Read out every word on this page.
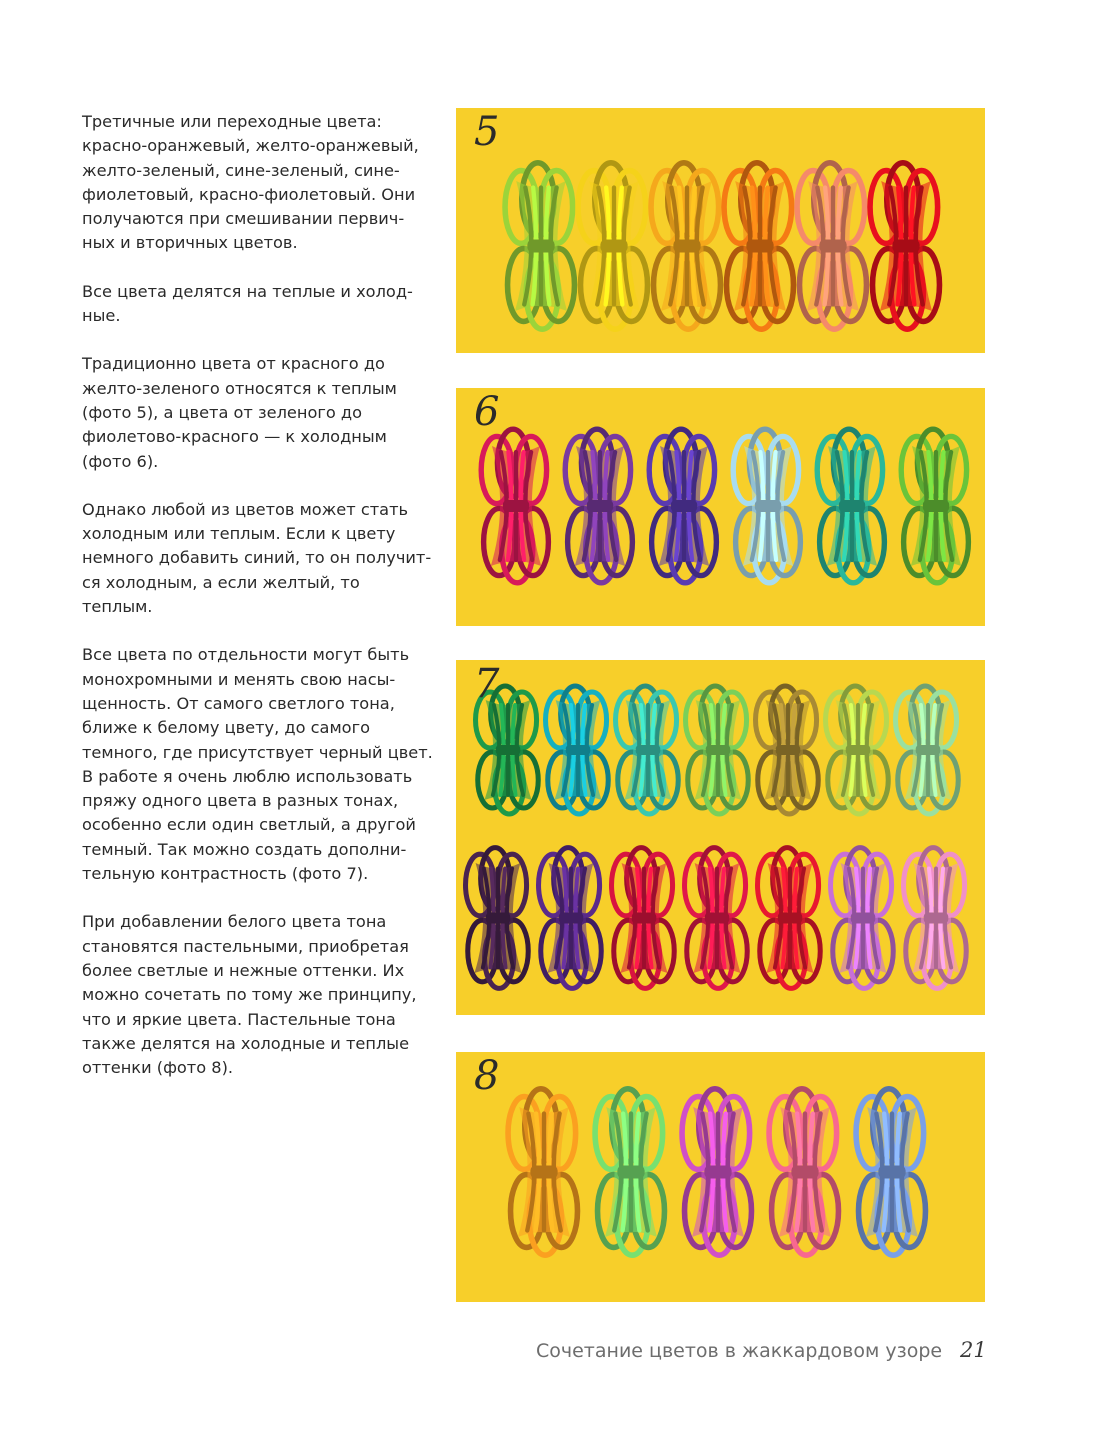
Третичные или переходные цвета:
красно-оранжевый, желто-оранжевый,
желто-зеленый, сине-зеленый, сине-
фиолетовый, красно-фиолетовый. Они
получаются при смешивании первич-
ных и вторичных цветов.

Все цвета делятся на теплые и холод-
ные.

Традиционно цвета от красного до
желто-зеленого относятся к теплым
(фото 5), а цвета от зеленого до
фиолетово-красного — к холодным
(фото 6).

Однако любой из цветов может стать
холодным или теплым. Если к цвету
немного добавить синий, то он получит-
ся холодным, а если желтый, то
теплым.

Все цвета по отдельности могут быть
монохромными и менять свою насы-
щенность. От самого светлого тона,
ближе к белому цвету, до самого
темного, где присутствует черный цвет.
В работе я очень люблю использовать
пряжу одного цвета в разных тонах,
особенно если один светлый, а другой
темный. Так можно создать дополни-
тельную контрастность (фото 7).

При добавлении белого цвета тона
становятся пастельными, приобретая
более светлые и нежные оттенки. Их
можно сочетать по тому же принципу,
что и яркие цвета. Пастельные тона
также делятся на холодные и теплые
оттенки (фото 8).

5
6
7
8
Сочетание цветов в жаккардовом узоре 21
